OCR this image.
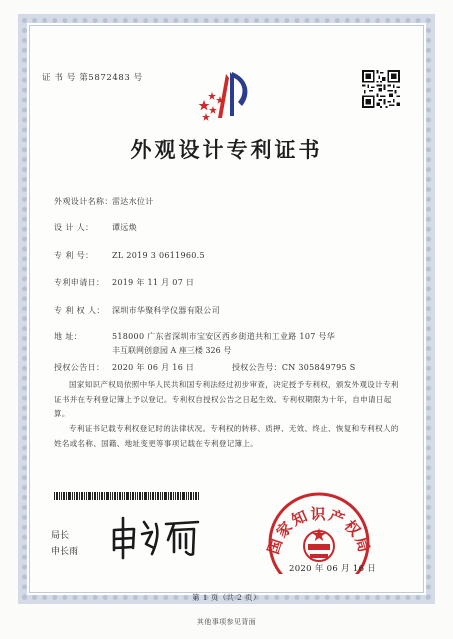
证 书 号 第5872483 号
外观设计专利证书
外观设计名称：雷达水位计
设 计 人： 谭远焕
专 利 号： ZL 2019 3 0611960.5
专利申请日： 2019 年 11 月 07 日
专 利 权 人： 深圳市华聚科学仪器有限公司
地 址：	518000 广东省深圳市宝安区西乡街道共和工业路 107 号华
丰互联网创意园 A 座三楼 326 号
授权公告日： 2020 年 06 月 16 日	授权公告号：CN 305849795 S
国家知识产权局依照中华人民共和国专利法经过初步审查，决定授予专利权，颁发外观设计专利证书并在专利登记簿上予以登记。专利权自授权公告之日起生效。专利权期限为十年，自申请日起算。
专利证书记载专利权登记时的法律状况。专利权的转移、质押、无效、终止、恢复和专利权人的姓名或名称、国籍、地址变更等事项记载在专利登记簿上。
局长
申长雨	国家知识产权局
2020 年 06 月 16 日
第 1 页（共 2 页）
其他事项参见背面
